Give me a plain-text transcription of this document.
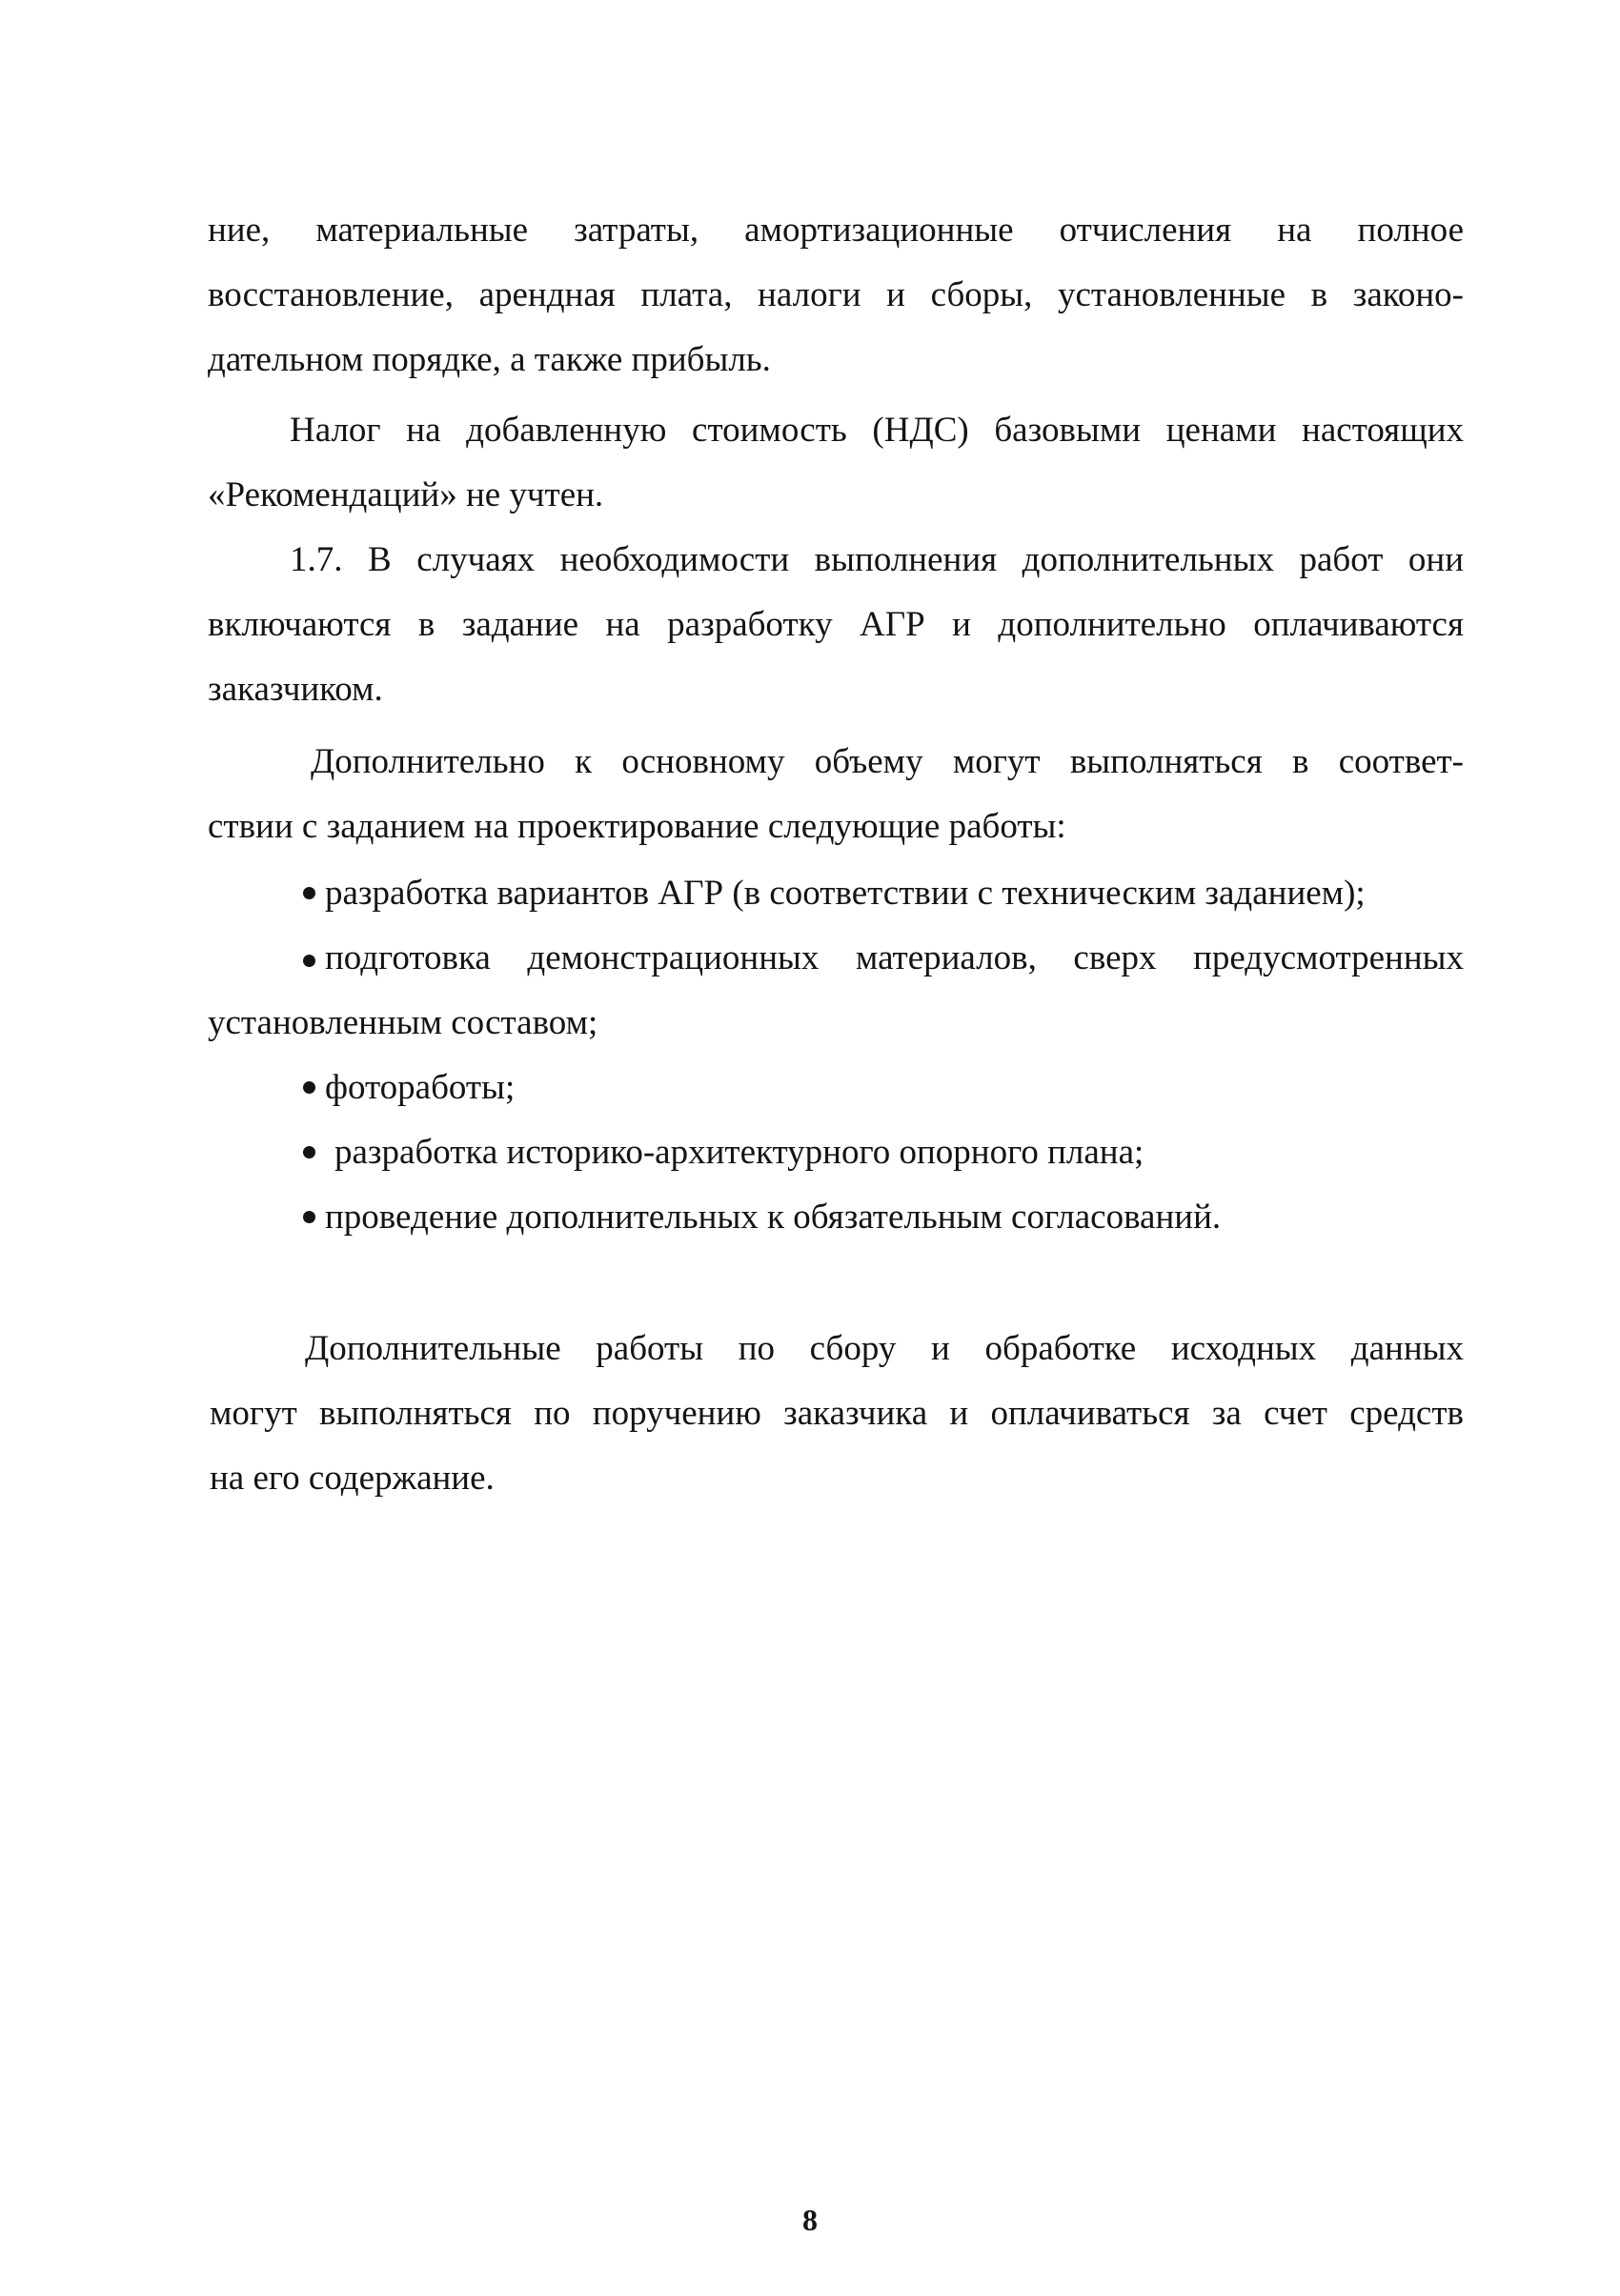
ние, материальные затраты, амортизационные отчисления на полное
восстановление, арендная плата, налоги и сборы, установленные в законо-
дательном порядке, а также прибыль.
Налог на добавленную стоимость (НДС) базовыми ценами настоящих
«Рекомендаций» не учтен.
1.7. В случаях необходимости выполнения дополнительных работ они
включаются в задание на разработку АГР и дополнительно оплачиваются
заказчиком.
Дополнительно к основному объему могут выполняться в соответ-
ствии с заданием на проектирование следующие работы:
разработка вариантов АГР (в соответствии с техническим заданием);
подготовка демонстрационных материалов, сверх предусмотренных
установленным составом;
фотоработы;
разработка историко-архитектурного опорного плана;
проведение дополнительных к обязательным согласований.
Дополнительные работы по сбору и обработке исходных данных
могут выполняться по поручению заказчика и оплачиваться за счет средств
на его содержание.
8
